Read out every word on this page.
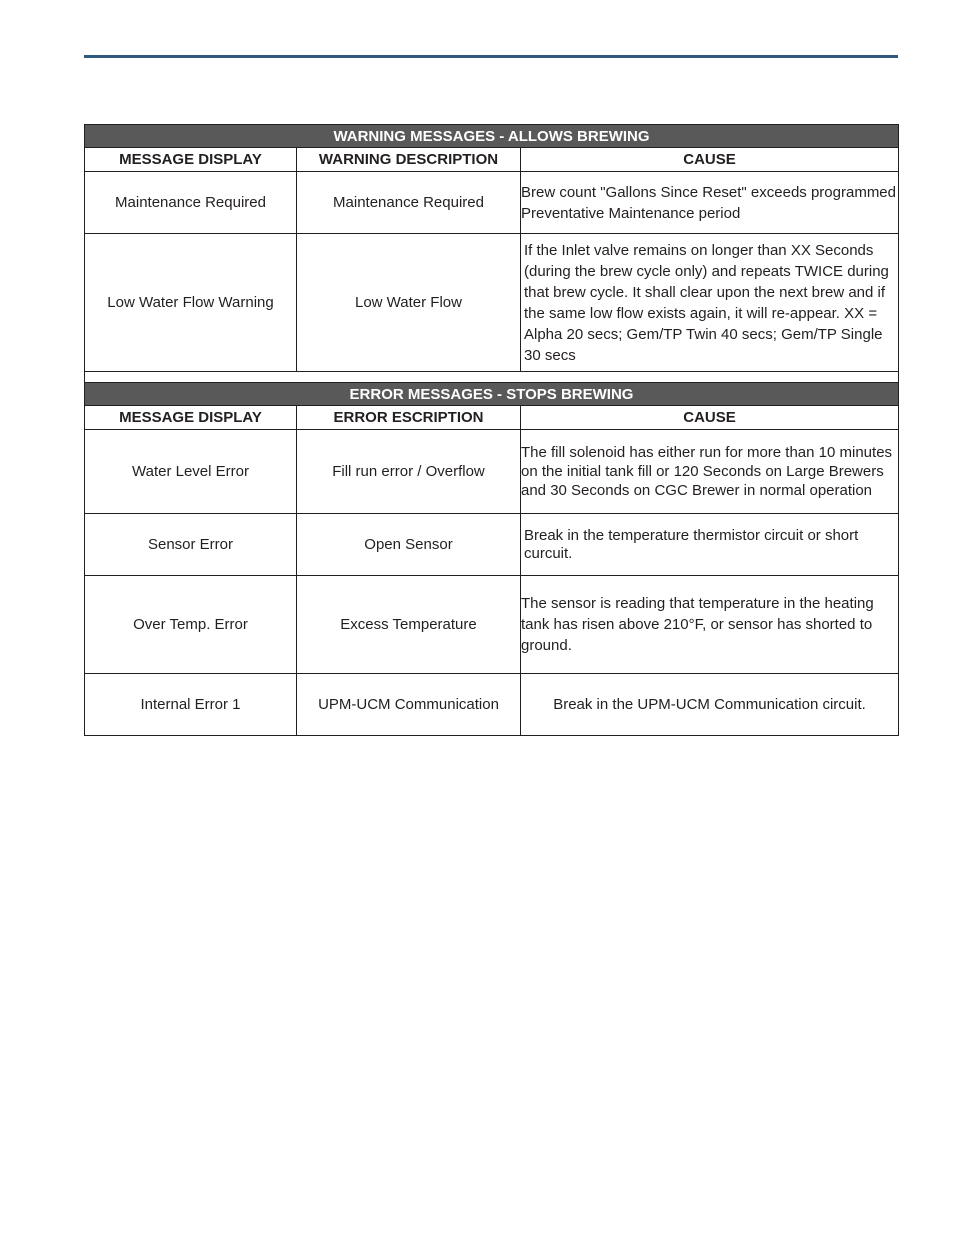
WARNING MESSAGES - ALLOWS BREWING		
MESSAGE DISPLAY	WARNING DESCRIPTION	CAUSE
Maintenance Required	Maintenance Required	Brew count "Gallons Since Reset" exceeds programmed Preventative Maintenance period
Low Water Flow Warning	Low Water Flow	If the Inlet valve remains on longer than XX Seconds (during the brew cycle only) and repeats TWICE during that brew cycle. It shall clear upon the next brew and if the same low flow exists again, it will re-appear. XX = Alpha 20 secs; Gem/TP Twin 40 secs; Gem/TP Single 30 secs

ERROR MESSAGES - STOPS BREWING		
MESSAGE DISPLAY	ERROR ESCRIPTION	CAUSE
Water Level Error	Fill run error / Overflow	The fill solenoid has either run for more than 10 minutes on the initial tank fill or 120 Seconds on Large Brewers and 30 Seconds on CGC Brewer in normal operation
Sensor Error	Open Sensor	Break in the temperature thermistor circuit or short curcuit.
Over Temp. Error	Excess Temperature	The sensor is reading that temperature in the heating tank has risen above 210°F, or sensor has shorted to ground.
Internal Error 1	UPM-UCM Communication	Break in the UPM-UCM Communication circuit.
